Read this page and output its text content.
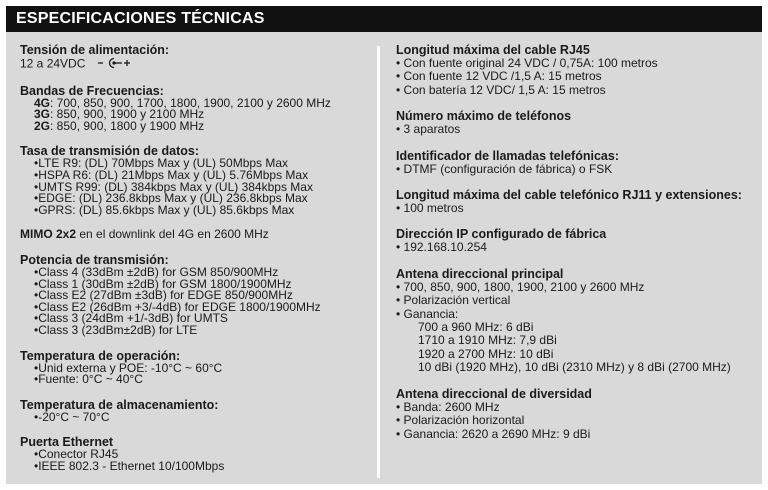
ESPECIFICACIONES TÉCNICAS
Tensión de alimentación:
12 a 24VDC
Bandas de Frecuencias:
4G: 700, 850, 900, 1700, 1800, 1900, 2100 y 2600 MHz
3G: 850, 900, 1900 y 2100 MHz
2G: 850, 900, 1800 y 1900 MHz
Tasa de transmisión de datos:
•LTE R9: (DL) 70Mbps Max y (UL) 50Mbps Max
•HSPA R6: (DL) 21Mbps Max y (UL) 5.76Mbps Max
•UMTS R99: (DL) 384kbps Max y (UL) 384kbps Max
•EDGE: (DL) 236.8kbps Max y (UL) 236.8kbps Max
•GPRS: (DL) 85.6kbps Max y (UL) 85.6kbps Max
MIMO 2x2 en el downlink del 4G en 2600 MHz
Potencia de transmisión:
•Class 4 (33dBm ±2dB) for GSM 850/900MHz
•Class 1 (30dBm ±2dB) for GSM 1800/1900MHz
•Class E2 (27dBm ±3dB) for EDGE 850/900MHz
•Class E2 (26dBm +3/-4dB) for EDGE 1800/1900MHz
•Class 3 (24dBm +1/-3dB) for UMTS
•Class 3 (23dBm±2dB) for LTE
Temperatura de operación:
•Unid externa y POE: -10°C ~ 60°C
•Fuente: 0°C ~ 40°C
Temperatura de almacenamiento:
•-20°C ~ 70°C
Puerta Ethernet
•Conector RJ45
•IEEE 802.3 - Ethernet 10/100Mbps
Longitud máxima del cable RJ45
• Con fuente original 24 VDC / 0,75A: 100 metros
• Con fuente 12 VDC /1,5 A: 15 metros
• Con batería 12 VDC/ 1,5 A: 15 metros
Número máximo de teléfonos
• 3 aparatos
Identificador de llamadas telefónicas:
• DTMF (configuración de fábrica) o FSK
Longitud máxima del cable telefónico RJ11 y extensiones:
• 100 metros
Dirección IP configurado de fábrica
• 192.168.10.254
Antena direccional principal
• 700, 850, 900, 1800, 1900, 2100 y 2600 MHz
• Polarización vertical
• Ganancia:
700 a 960 MHz: 6 dBi
1710 a 1910 MHz: 7,9 dBi
1920 a 2700 MHz: 10 dBi
10 dBi (1920 MHz), 10 dBi (2310 MHz) y 8 dBi (2700 MHz)
Antena direccional de diversidad
• Banda: 2600 MHz
• Polarización horizontal
• Ganancia: 2620 a 2690 MHz: 9 dBi
